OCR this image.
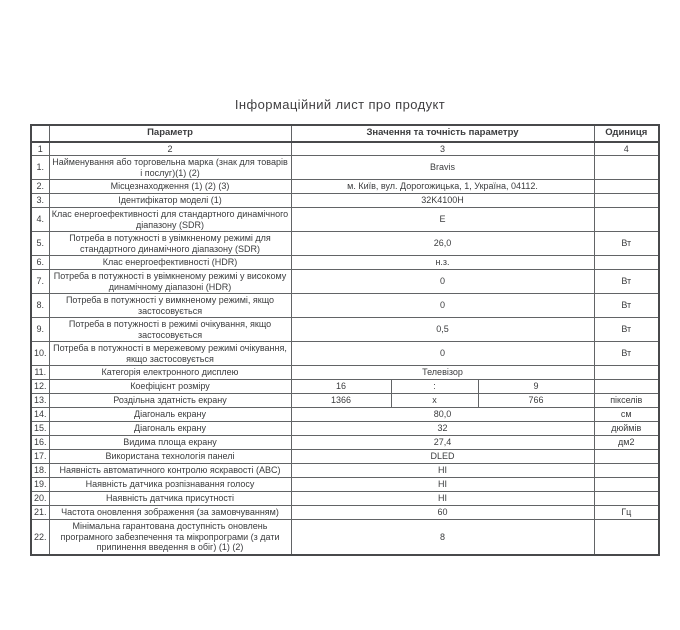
Інформаційний лист про продукт
	Параметр	Значення та точність параметру			Одиниця
1	2	3			4
1.	Найменування або торговельна марка (знак для товарів і послуг)(1) (2)	Bravis			
2.	Місцезнаходження (1) (2) (3)	м. Київ, вул. Дорогожицька, 1, Україна, 04112.			
3.	Ідентифікатор моделі (1)	32K4100H			
4.	Клас енергоефективності для стандартного динамічного діапазону (SDR)	E			
5.	Потреба в потужності в увімкненому режимі для стандартного динамічного діапазону (SDR)	26,0			Вт
6.	Клас енергоефективності (HDR)	н.з.			
7.	Потреба в потужності в увімкненому режимі у високому динамічному діапазоні (HDR)	0			Вт
8.	Потреба в потужності у вимкненому режимі, якщо застосовується	0			Вт
9.	Потреба в потужності в режимі очікування, якщо застосовується	0,5			Вт
10.	Потреба в потужності в мережевому режимі очікування, якщо застосовується	0			Вт
11.	Категорія електронного дисплею	Телевізор			
12.	Коефіцієнт розміру	16	:	9	
13.	Роздільна здатність екрану	1366	х	766	пікселів
14.	Діагональ екрану	80,0			см
15.	Діагональ екрану	32			дюймів
16.	Видима площа екрану	27,4			дм2
17.	Використана технологія панелі	DLED			
18.	Наявність автоматичного контролю яскравості (ABC)	НІ			
19.	Наявність датчика розпізнавання голосу	НІ			
20.	Наявність датчика присутності	НІ			
21.	Частота оновлення зображення (за замовчуванням)	60			Гц
22.	Мінімальна гарантована доступність оновлень програмного забезпечення та мікропрограми (з дати припинення введення в обіг) (1) (2)	8			
